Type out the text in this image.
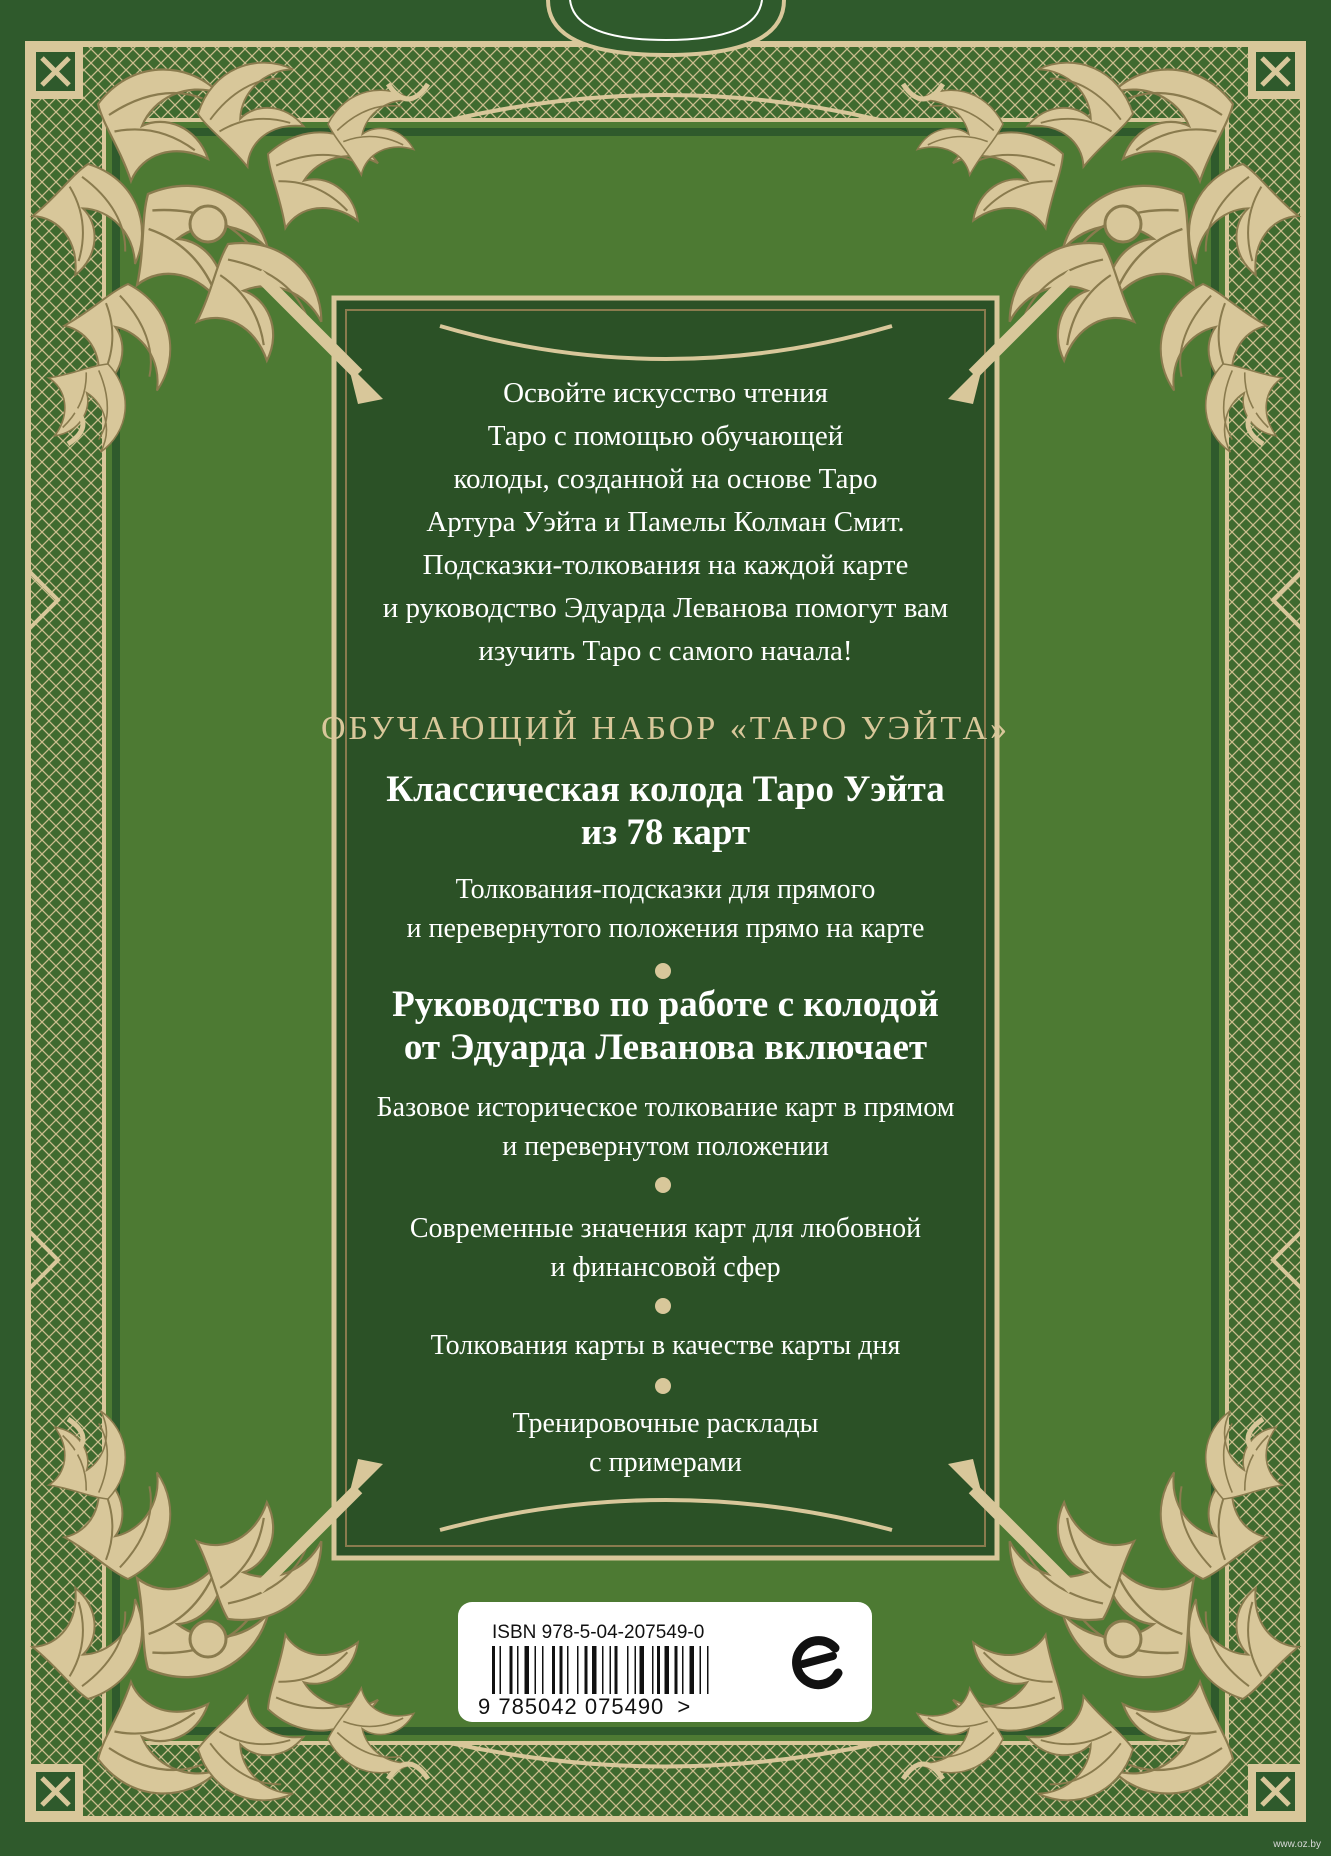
Освойте искусство чтения
Таро с помощью обучающей
колоды, созданной на основе Таро
Артура Уэйта и Памелы Колман Смит.
Подсказки-толкования на каждой карте
и руководство Эдуарда Леванова помогут вам
изучить Таро с самого начала!
ОБУЧАЮЩИЙ НАБОР «ТАРО УЭЙТА»
Классическая колода Таро Уэйта
из 78 карт
Толкования-подсказки для прямого
и перевернутого положения прямо на карте
Руководство по работе с колодой
от Эдуарда Леванова включает
Базовое историческое толкование карт в прямом
и перевернутом положении
Современные значения карт для любовной
и финансовой сфер
Толкования карты в качестве карты дня
Тренировочные расклады
с примерами
ISBN 978-5-04-207549-0
9 785042 075490 >
www.oz.by
